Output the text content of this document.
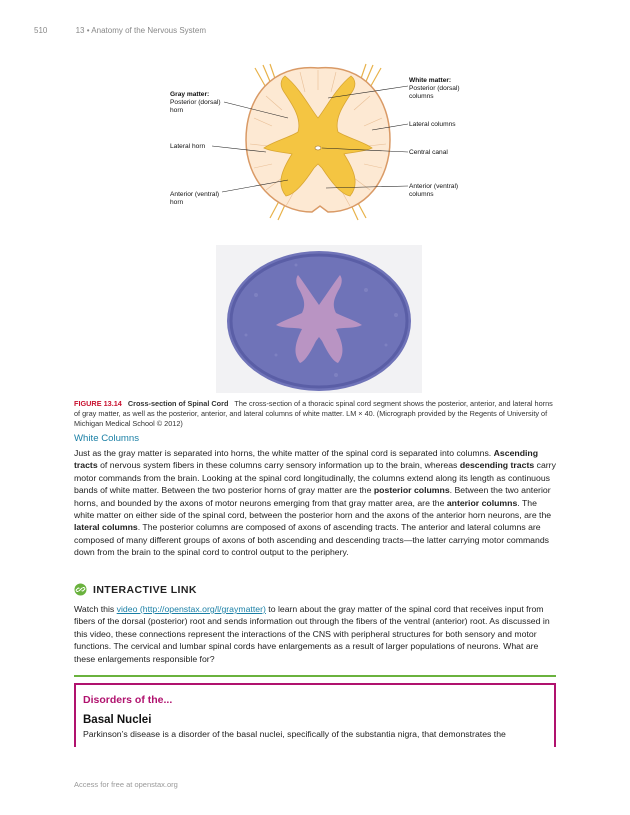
510	13 • Anatomy of the Nervous System
Gray matter:
Posterior (dorsal)
horn
Lateral horn
Anterior (ventral)
horn
White matter:
Posterior (dorsal)
columns
Lateral columns
Central canal
Anterior (ventral)
columns
FIGURE 13.14 Cross-section of Spinal Cord The cross-section of a thoracic spinal cord segment shows the posterior, anterior, and lateral horns of gray matter, as well as the posterior, anterior, and lateral columns of white matter. LM × 40. (Micrograph provided by the Regents of University of Michigan Medical School © 2012)
White Columns
Just as the gray matter is separated into horns, the white matter of the spinal cord is separated into columns. Ascending tracts of nervous system fibers in these columns carry sensory information up to the brain, whereas descending tracts carry motor commands from the brain. Looking at the spinal cord longitudinally, the columns extend along its length as continuous bands of white matter. Between the two posterior horns of gray matter are the posterior columns. Between the two anterior horns, and bounded by the axons of motor neurons emerging from that gray matter area, are the anterior columns. The white matter on either side of the spinal cord, between the posterior horn and the axons of the anterior horn neurons, are the lateral columns. The posterior columns are composed of axons of ascending tracts. The anterior and lateral columns are composed of many different groups of axons of both ascending and descending tracts—the latter carrying motor commands down from the brain to the spinal cord to control output to the periphery.
INTERACTIVE LINK
Watch this video (http://openstax.org/l/graymatter) to learn about the gray matter of the spinal cord that receives input from fibers of the dorsal (posterior) root and sends information out through the fibers of the ventral (anterior) root. As discussed in this video, these connections represent the interactions of the CNS with peripheral structures for both sensory and motor functions. The cervical and lumbar spinal cords have enlargements as a result of larger populations of neurons. What are these enlargements responsible for?
Disorders of the...
Basal Nuclei
Parkinson’s disease is a disorder of the basal nuclei, specifically of the substantia nigra, that demonstrates the
Access for free at openstax.org
